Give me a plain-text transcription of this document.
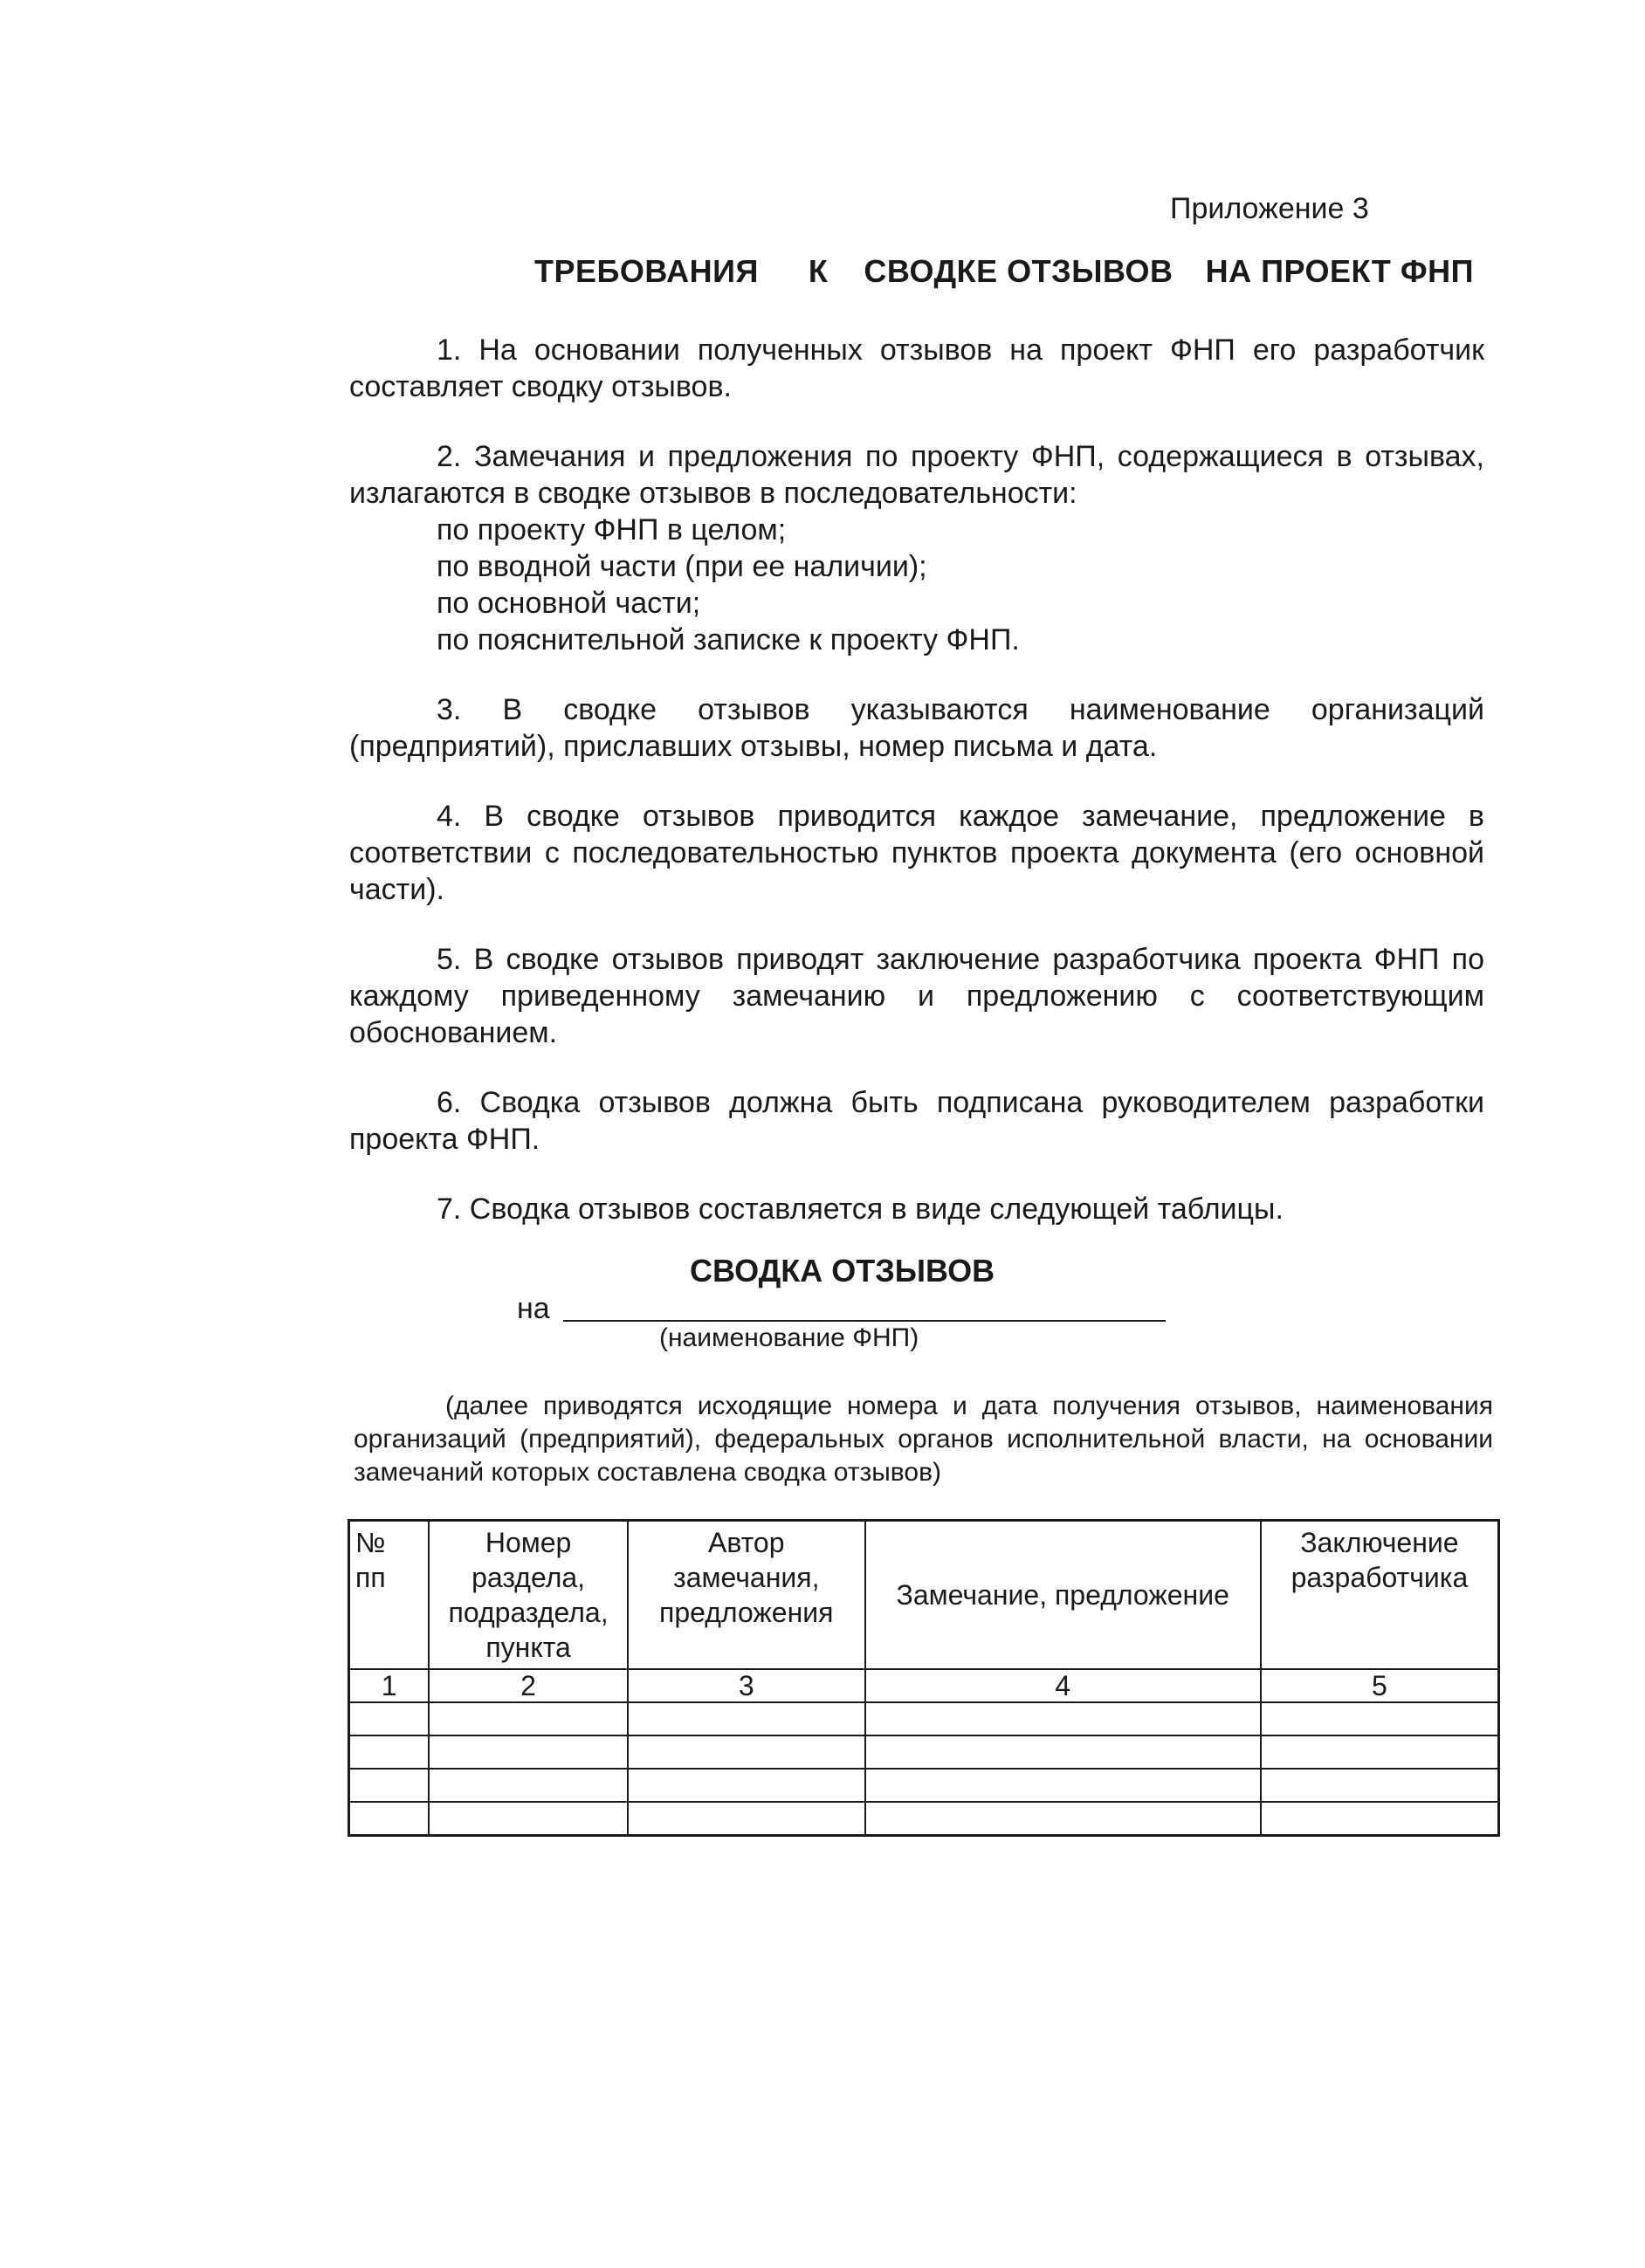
Приложение 3
ТРЕБОВАНИЯ К СВОДКЕ ОТЗЫВОВ НА ПРОЕКТ ФНП

1. На основании полученных отзывов на проект ФНП его разработчик составляет сводку отзывов.

2. Замечания и предложения по проекту ФНП, содержащиеся в отзывах, излагаются в сводке отзывов в последовательности:

по проекту ФНП в целом;
по вводной части (при ее наличии);
по основной части;
по пояснительной записке к проекту ФНП.

3. В сводке отзывов указываются наименование организаций (предприятий), приславших отзывы, номер письма и дата.

4. В сводке отзывов приводится каждое замечание, предложение в соответствии с последовательностью пунктов проекта документа (его основной части).

5. В сводке отзывов приводят заключение разработчика проекта ФНП по каждому приведенному замечанию и предложению с соответствующим обоснованием.

6. Сводка отзывов должна быть подписана руководителем разработки проекта ФНП.

7. Сводка отзывов составляется в виде следующей таблицы.

СВОДКА ОТЗЫВОВ
на
(наименование ФНП)

(далее приводятся исходящие номера и дата получения отзывов, наименования организаций (предприятий), федеральных органов исполнительной власти, на основании замечаний которых составлена сводка отзывов)

№ пп	Номер раздела, подраздела, пункта	Автор замечания, предложения	Замечание, предложение	Заключение разработчика
1	2	3	4	5
